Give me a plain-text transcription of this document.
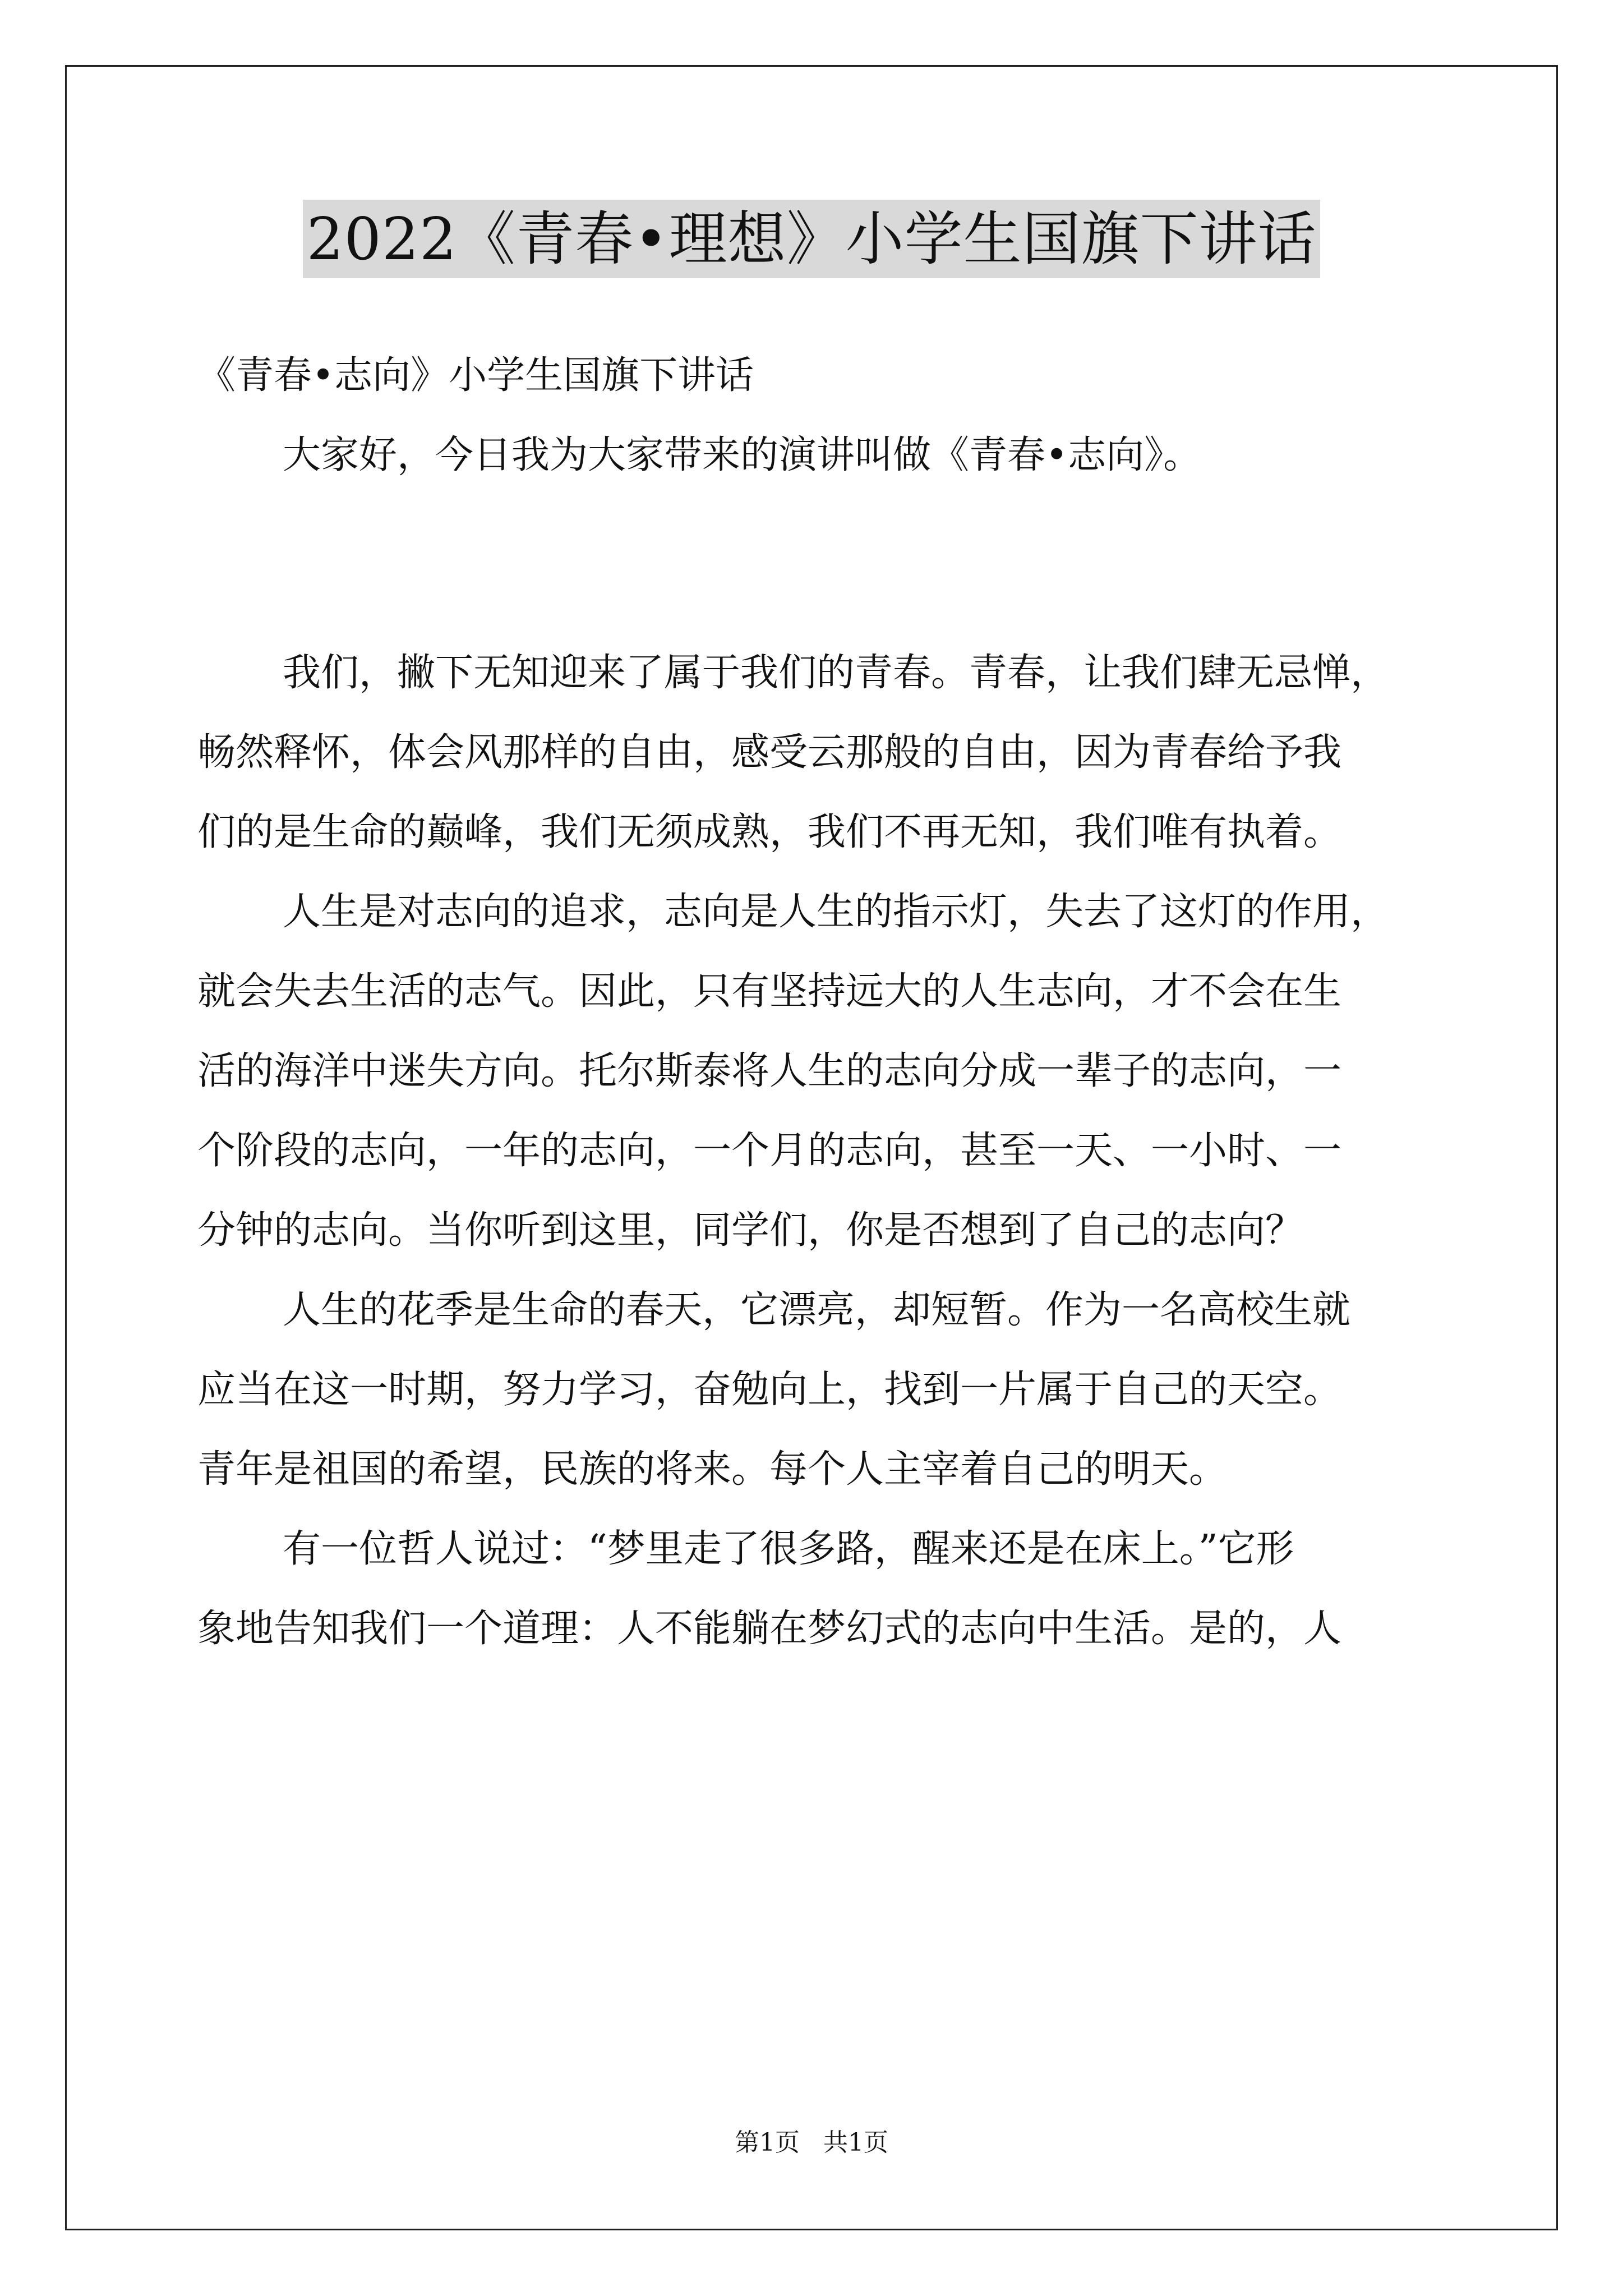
2022《青春•理想》小学生国旗下讲话
《青春•志向》小学生国旗下讲话
大家好，今日我为大家带来的演讲叫做《青春•志向》。
我们，撇下无知迎来了属于我们的青春。青春，让我们肆无忌惮，
畅然释怀，体会风那样的自由，感受云那般的自由，因为青春给予我
们的是生命的巅峰，我们无须成熟，我们不再无知，我们唯有执着。
人生是对志向的追求，志向是人生的指示灯，失去了这灯的作用，
就会失去生活的志气。因此，只有坚持远大的人生志向，才不会在生
活的海洋中迷失方向。托尔斯泰将人生的志向分成一辈子的志向，一
个阶段的志向，一年的志向，一个月的志向，甚至一天、一小时、一
分钟的志向。当你听到这里，同学们，你是否想到了自己的志向？
人生的花季是生命的春天，它漂亮，却短暂。作为一名高校生就
应当在这一时期，努力学习，奋勉向上，找到一片属于自己的天空。
青年是祖国的希望，民族的将来。每个人主宰着自己的明天。
有一位哲人说过：“梦里走了很多路，醒来还是在床上。”它形
象地告知我们一个道理：人不能躺在梦幻式的志向中生活。是的，人
第1页   共1页
